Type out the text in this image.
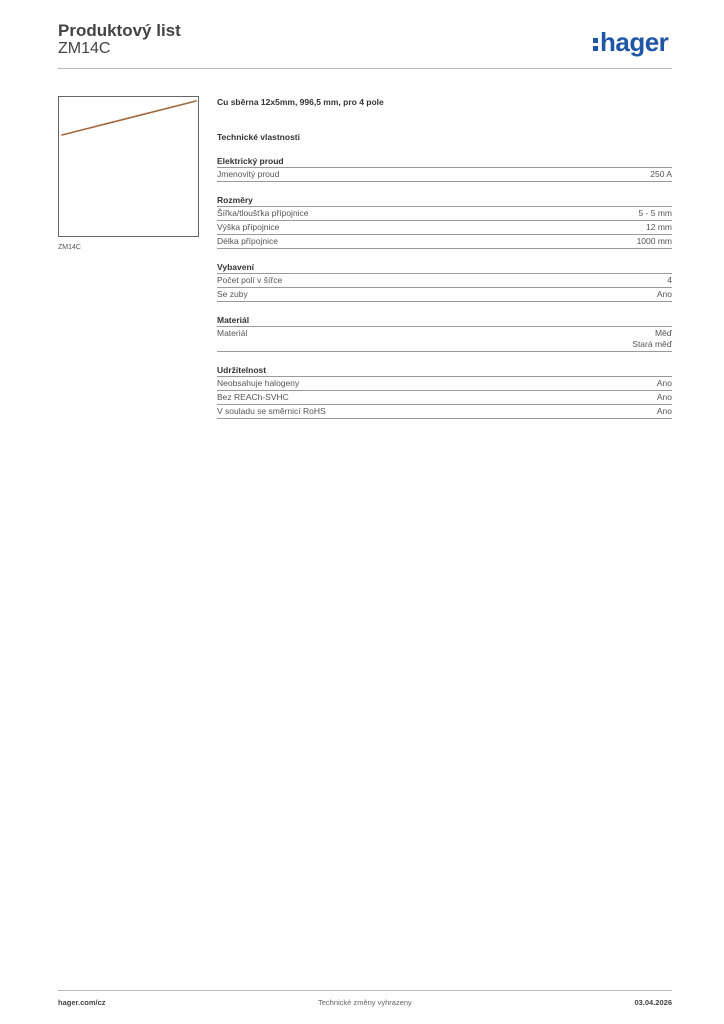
Produktový list
ZM14C	hager
ZM14C
Cu sběrna 12x5mm, 996,5 mm, pro 4 pole
Technické vlastnosti
Elektrický proud
Jmenovitý proud	250 A
Rozměry
Šířka/tloušťka přípojnice	5 - 5 mm
Výška přípojnice	12 mm
Délka přípojnice	1000 mm
Vybavení
Počet polí v šířce	4
Se zuby	Ano
Materiál
Materiál	Měď
Stará měď
Udržitelnost
Neobsahuje halogeny	Ano
Bez REACh-SVHC	Ano
V souladu se směrnicí RoHS	Ano
hager.com/cz	Technické změny vyhrazeny	03.04.2026
